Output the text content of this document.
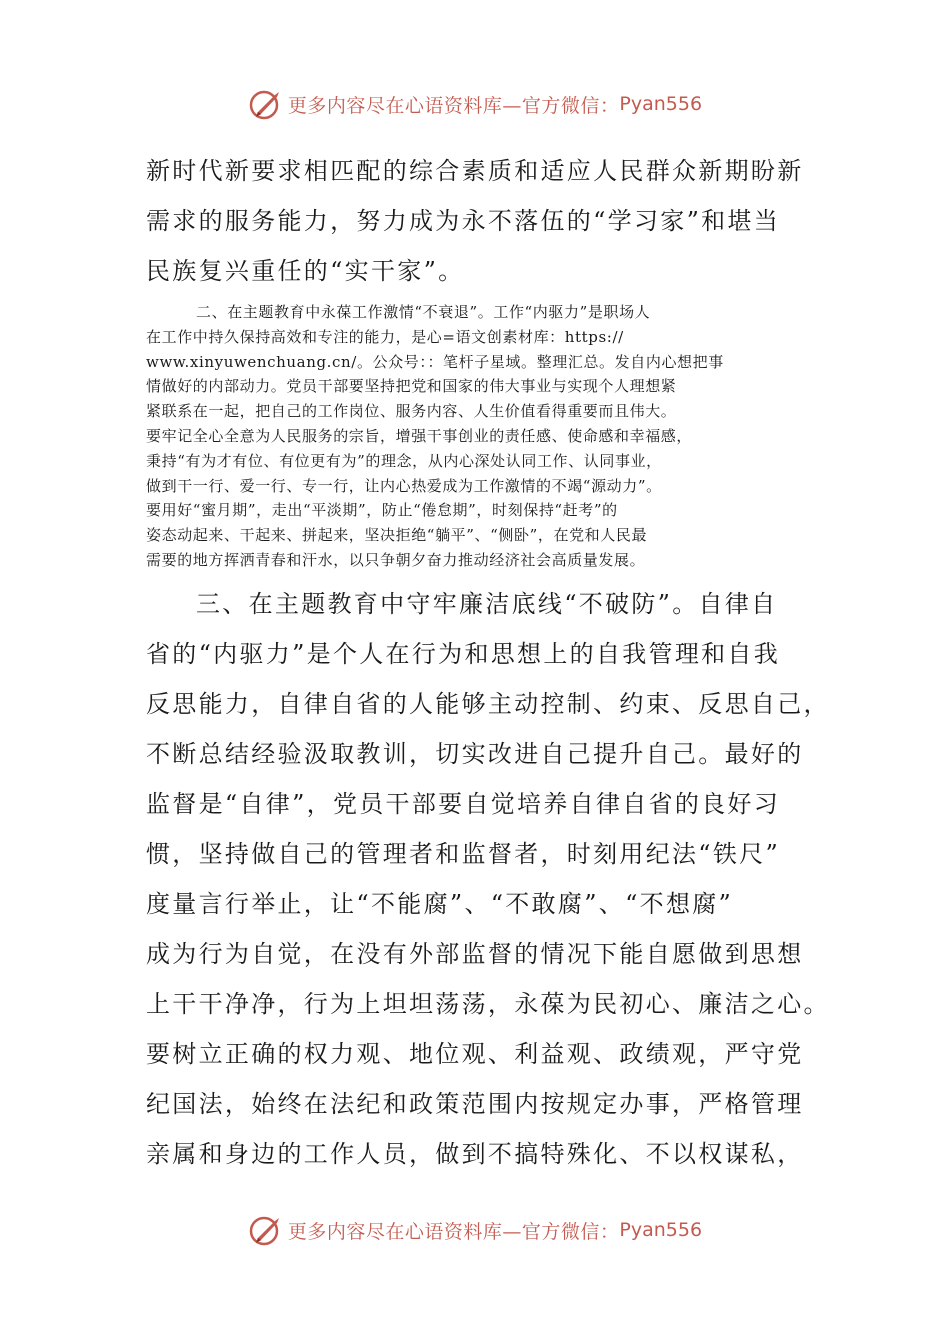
更多内容尽在心语资料库—官方微信： Pyan556

新时代新要求相匹配的综合素质和适应人民群众新期盼新

需求的服务能力，努力成为永不落伍的“学习家”和堪当

民族复兴重任的“实干家”。

二、在主题教育中永葆工作激情“不衰退”。工作“内驱力”是职场人

在工作中持久保持高效和专注的能力，是心=语文创素材库：https://

www.xinyuwenchuang.cn/。公众号：：笔杆子星域。整理汇总。发自内心想把事

情做好的内部动力。党员干部要坚持把党和国家的伟大事业与实现个人理想紧

紧联系在一起，把自己的工作岗位、服务内容、人生价值看得重要而且伟大。

要牢记全心全意为人民服务的宗旨，增强干事创业的责任感、使命感和幸福感，

秉持“有为才有位、有位更有为”的理念，从内心深处认同工作、认同事业，

做到干一行、爱一行、专一行，让内心热爱成为工作激情的不竭“源动力”。

要用好“蜜月期”，走出“平淡期”，防止“倦怠期”，时刻保持“赶考”的

姿态动起来、干起来、拼起来，坚决拒绝“躺平”、“侧卧”，在党和人民最

需要的地方挥洒青春和汗水，以只争朝夕奋力推动经济社会高质量发展。

三、在主题教育中守牢廉洁底线“不破防”。自律自

省的“内驱力”是个人在行为和思想上的自我管理和自我

反思能力，自律自省的人能够主动控制、约束、反思自己，

不断总结经验汲取教训，切实改进自己提升自己。最好的

监督是“自律”，党员干部要自觉培养自律自省的良好习

惯，坚持做自己的管理者和监督者，时刻用纪法“铁尺”

度量言行举止，让“不能腐”、“不敢腐”、“不想腐”

成为行为自觉，在没有外部监督的情况下能自愿做到思想

上干干净净，行为上坦坦荡荡，永葆为民初心、廉洁之心。

要树立正确的权力观、地位观、利益观、政绩观，严守党

纪国法，始终在法纪和政策范围内按规定办事，严格管理

亲属和身边的工作人员，做到不搞特殊化、不以权谋私，

更多内容尽在心语资料库—官方微信： Pyan556
